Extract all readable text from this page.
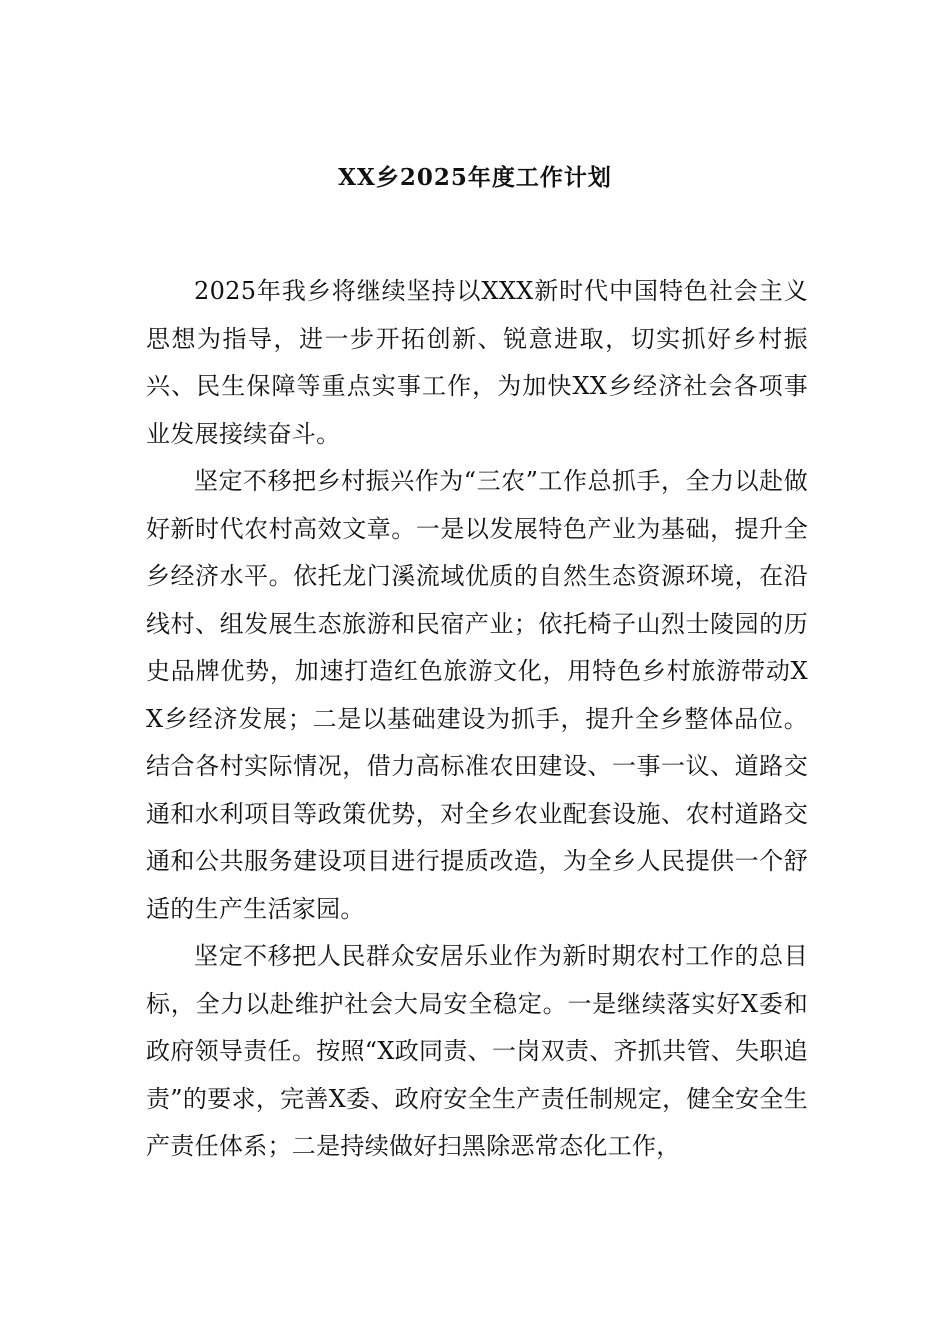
XX乡2025年度工作计划

2025年我乡将继续坚持以XXX新时代中国特色社会主义思想为指导，进一步开拓创新、锐意进取，切实抓好乡村振兴、民生保障等重点实事工作，为加快XX乡经济社会各项事业发展接续奋斗。

坚定不移把乡村振兴作为“三农”工作总抓手，全力以赴做好新时代农村高效文章。一是以发展特色产业为基础，提升全乡经济水平。依托龙门溪流域优质的自然生态资源环境，在沿线村、组发展生态旅游和民宿产业；依托椅子山烈士陵园的历史品牌优势，加速打造红色旅游文化，用特色乡村旅游带动XX乡经济发展；二是以基础建设为抓手，提升全乡整体品位。结合各村实际情况，借力高标准农田建设、一事一议、道路交通和水利项目等政策优势，对全乡农业配套设施、农村道路交通和公共服务建设项目进行提质改造，为全乡人民提供一个舒适的生产生活家园。

坚定不移把人民群众安居乐业作为新时期农村工作的总目标，全力以赴维护社会大局安全稳定。一是继续落实好X委和政府领导责任。按照“X政同责、一岗双责、齐抓共管、失职追责”的要求，完善X委、政府安全生产责任制规定，健全安全生产责任体系；二是持续做好扫黑除恶常态化工作，
